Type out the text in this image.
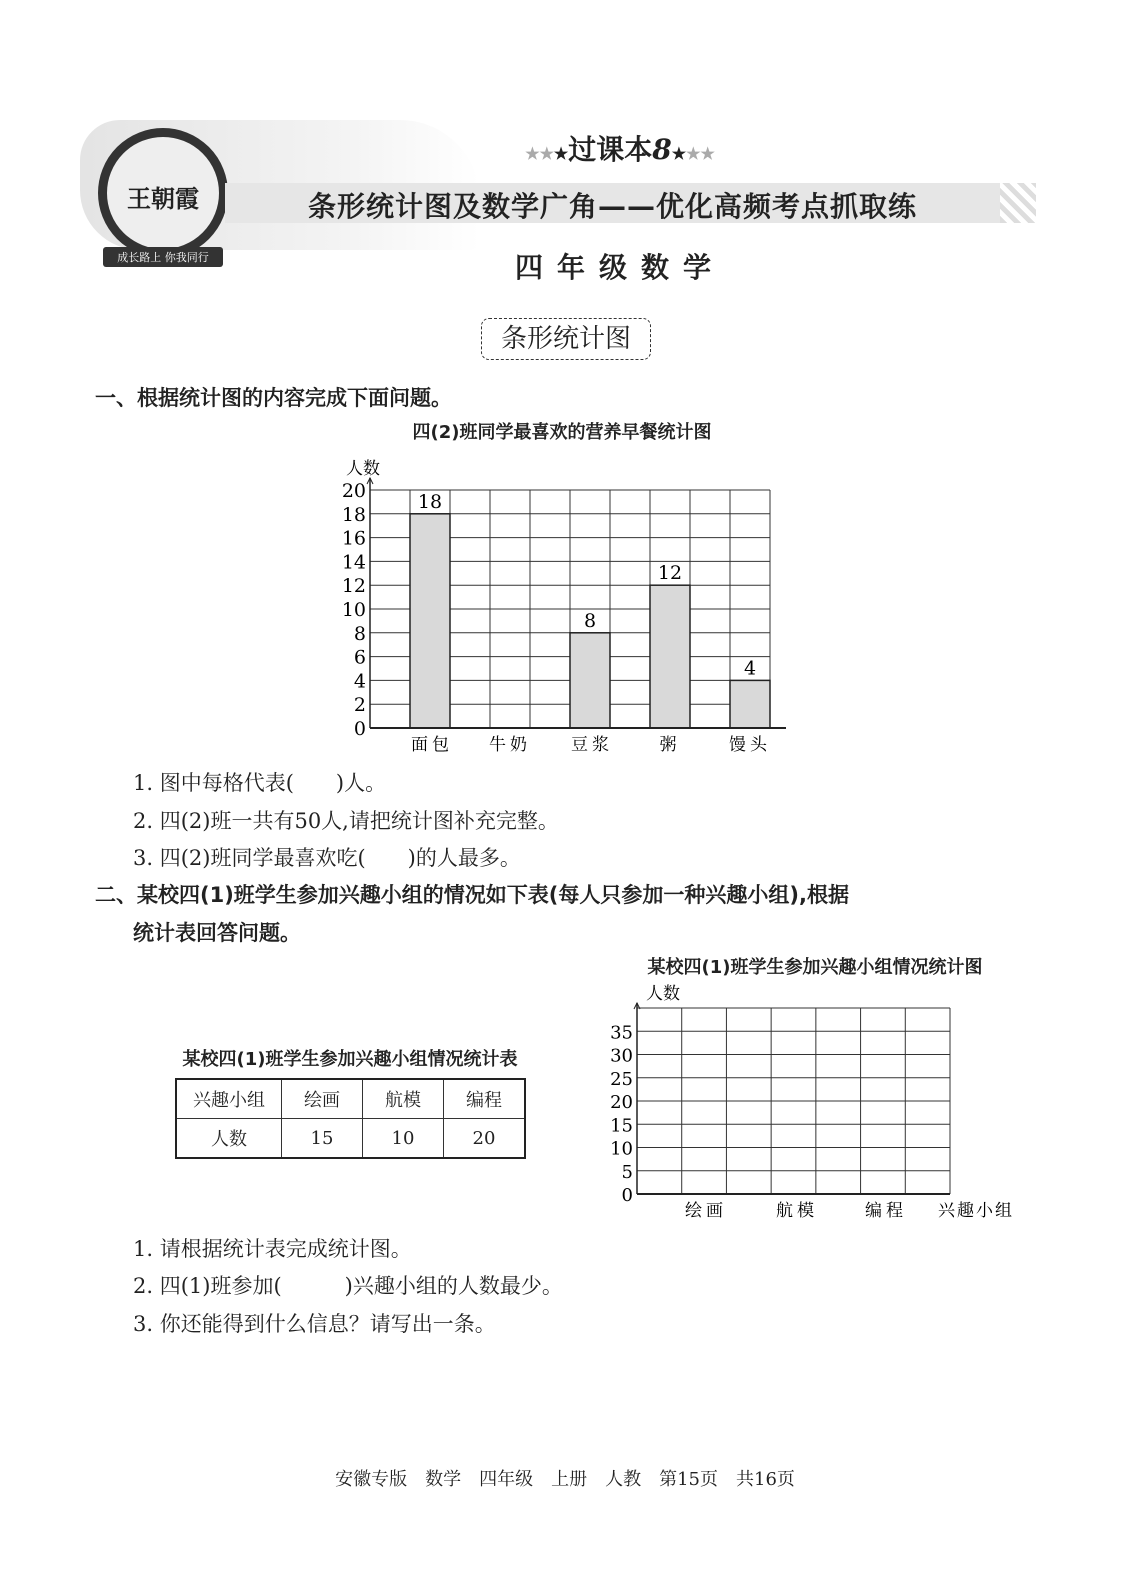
王朝霞
成长路上 你我同行
★★★过课本8★★★
条形统计图及数学广角——优化高频考点抓取练
四年级数学
条形统计图
一、根据统计图的内容完成下面问题。
四(2)班同学最喜欢的营养早餐统计图
1. 图中每格代表(　　)人。
2. 四(2)班一共有50人,请把统计图补充完整。
3. 四(2)班同学最喜欢吃(　　)的人最多。
二、某校四(1)班学生参加兴趣小组的情况如下表(每人只参加一种兴趣小组),根据
统计表回答问题。
某校四(1)班学生参加兴趣小组情况统计图
某校四(1)班学生参加兴趣小组情况统计表
兴趣小组	绘画	航模	编程
人数	15	10	20
1. 请根据统计表完成统计图。
2. 四(1)班参加(　　　)兴趣小组的人数最少。
3. 你还能得到什么信息？请写出一条。
安徽专版　数学　四年级　上册　人教　第15页　共16页
18
8
12
4
0
2
4
6
8
10
12
14
16
18
20
面包 牛奶 豆浆	粥	馒头
人数
0
5
10
15
20
25
30
35
绘画	航模	编程 兴趣小组
人数
